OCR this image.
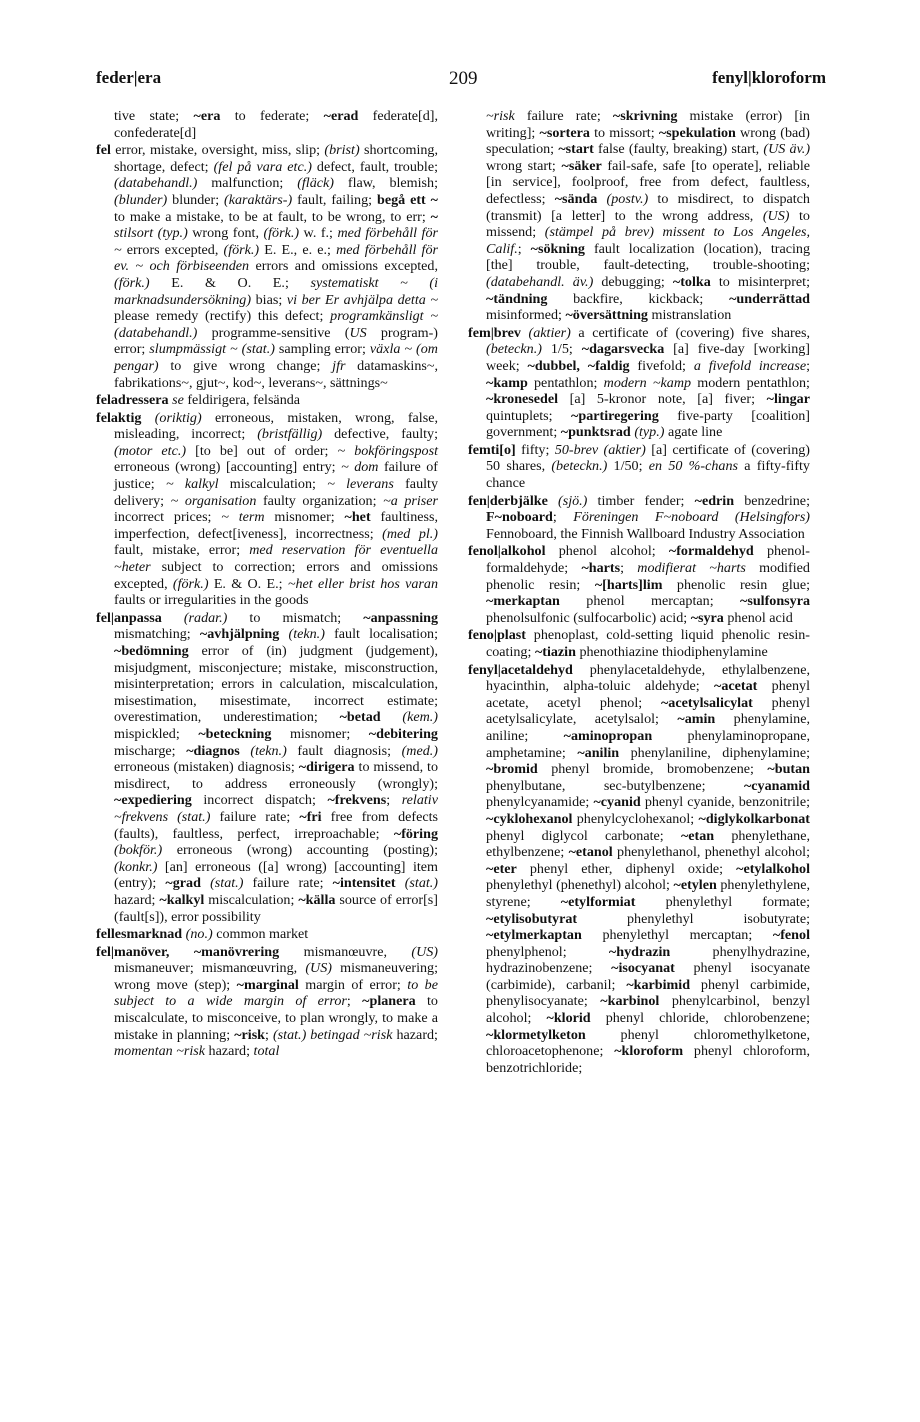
feder|era	209	fenyl|kloroform

tive state; ~era to federate; ~erad federate[d], confederate[d]

fel error, mistake, oversight, miss, slip; (brist) shortcoming, shortage, defect; (fel på vara etc.) defect, fault, trouble; (databehandl.) malfunction; (fläck) flaw, blemish; (blunder) blunder; (karaktärs-) fault, failing; begå ett ~ to make a mistake, to be at fault, to be wrong, to err; ~ stilsort (typ.) wrong font, (förk.) w. f.; med förbehåll för ~ errors excepted, (förk.) E. E., e. e.; med förbehåll för ev. ~ och förbiseenden errors and omissions excepted, (förk.) E. & O. E.; systematiskt ~ (i marknadsundersökning) bias; vi ber Er avhjälpa detta ~ please remedy (rectify) this defect; programkänsligt ~ (databehandl.) programme-sensitive (US program-) error; slumpmässigt ~ (stat.) sampling error; växla ~ (om pengar) to give wrong change; jfr datamaskins~, fabrikations~, gjut~, kod~, leverans~, sättnings~

feladressera se feldirigera, felsända

felaktig (oriktig) erroneous, mistaken, wrong, false, misleading, incorrect; (bristfällig) defective, faulty; (motor etc.) [to be] out of order; ~ bokföringspost erroneous (wrong) [accounting] entry; ~ dom failure of justice; ~ kalkyl miscalculation; ~ leverans faulty delivery; ~ organisation faulty organization; ~a priser incorrect prices; ~ term misnomer; ~het faultiness, imperfection, defect[iveness], incorrectness; (med pl.) fault, mistake, error; med reservation för eventuella ~heter subject to correction; errors and omissions excepted, (förk.) E. & O. E.; ~het eller brist hos varan faults or irregularities in the goods

fel|anpassa (radar.) to mismatch; ~anpassning mismatching; ~avhjälpning (tekn.) fault localisation; ~bedömning error of (in) judgment (judgement), misjudgment, misconjecture; mistake, misconstruction, misinterpretation; errors in calculation, miscalculation, misestimation, misestimate, incorrect estimate; overestimation, underestimation; ~betad (kem.) mispickled; ~beteckning misnomer; ~debitering mischarge; ~diagnos (tekn.) fault diagnosis; (med.) erroneous (mistaken) diagnosis; ~dirigera to missend, to misdirect, to address erroneously (wrongly); ~expediering incorrect dispatch; ~frekvens; relativ ~frekvens (stat.) failure rate; ~fri free from defects (faults), faultless, perfect, irreproachable; ~föring (bokför.) erroneous (wrong) accounting (posting); (konkr.) [an] erroneous ([a] wrong) [accounting] item (entry); ~grad (stat.) failure rate; ~intensitet (stat.) hazard; ~kalkyl miscalculation; ~källa source of error[s] (fault[s]), error possibility

fellesmarknad (no.) common market

fel|manöver, ~manövrering mismanœuvre, (US) mismaneuver; mismanœuvring, (US) mismaneuvering; wrong move (step); ~marginal margin of error; to be subject to a wide margin of error; ~planera to miscalculate, to misconceive, to plan wrongly, to make a mistake in planning; ~risk; (stat.) betingad ~risk hazard; momentan ~risk hazard; total

~risk failure rate; ~skrivning mistake (error) [in writing]; ~sortera to missort; ~spekulation wrong (bad) speculation; ~start false (faulty, breaking) start, (US äv.) wrong start; ~säker fail-safe, safe [to operate], reliable [in service], foolproof, free from defect, faultless, defectless; ~sända (postv.) to misdirect, to dispatch (transmit) [a letter] to the wrong address, (US) to missend; (stämpel på brev) missent to Los Angeles, Calif.; ~sökning fault localization (location), tracing [the] trouble, fault-detecting, trouble-shooting; (databehandl. äv.) debugging; ~tolka to misinterpret; ~tändning backfire, kickback; ~underrättad misinformed; ~översättning mistranslation

fem|brev (aktier) a certificate of (covering) five shares, (beteckn.) 1/5; ~dagarsvecka [a] five-day [working] week; ~dubbel, ~faldig fivefold; a fivefold increase; ~kamp pentathlon; modern ~kamp modern pentathlon; ~kronesedel [a] 5-kronor note, [a] fiver; ~lingar quintuplets; ~partiregering five-party [coalition] government; ~punktsrad (typ.) agate line

femti[o] fifty; 50-brev (aktier) [a] certificate of (covering) 50 shares, (beteckn.) 1/50; en 50 %-chans a fifty-fifty chance

fen|derbjälke (sjö.) timber fender; ~edrin benzedrine; F~noboard; Föreningen F~noboard (Helsingfors) Fennoboard, the Finnish Wallboard Industry Association

fenol|alkohol phenol alcohol; ~formaldehyd phenol-formaldehyde; ~harts; modifierat ~harts modified phenolic resin; ~[harts]lim phenolic resin glue; ~merkaptan phenol mercaptan; ~sulfonsyra phenolsulfonic (sulfocarbolic) acid; ~syra phenol acid

feno|plast phenoplast, cold-setting liquid phenolic resin-coating; ~tiazin phenothiazine thiodiphenylamine

fenyl|acetaldehyd phenylacetaldehyde, ethylalbenzene, hyacinthin, alpha-toluic aldehyde; ~acetat phenyl acetate, acetyl phenol; ~acetylsalicylat phenyl acetylsalicylate, acetylsalol; ~amin phenylamine, aniline; ~aminopropan phenylaminopropane, amphetamine; ~anilin phenylaniline, diphenylamine; ~bromid phenyl bromide, bromobenzene; ~butan phenylbutane, sec-butylbenzene; ~cyanamid phenylcyanamide; ~cyanid phenyl cyanide, benzonitrile; ~cyklohexanol phenylcyclohexanol; ~diglykolkarbonat phenyl diglycol carbonate; ~etan phenylethane, ethylbenzene; ~etanol phenylethanol, phenethyl alcohol; ~eter phenyl ether, diphenyl oxide; ~etylalkohol phenylethyl (phenethyl) alcohol; ~etylen phenylethylene, styrene; ~etylformiat phenylethyl formate; ~etylisobutyrat phenylethyl isobutyrate; ~etylmerkaptan phenylethyl mercaptan; ~fenol phenylphenol; ~hydrazin phenylhydrazine, hydrazinobenzene; ~isocyanat phenyl isocyanate (carbimide), carbanil; ~karbimid phenyl carbimide, phenylisocyanate; ~karbinol phenylcarbinol, benzyl alcohol; ~klorid phenyl chloride, chlorobenzene; ~klormetylketon phenyl chloromethylketone, chloroacetophenone; ~kloroform phenyl chloroform, benzotrichloride;
